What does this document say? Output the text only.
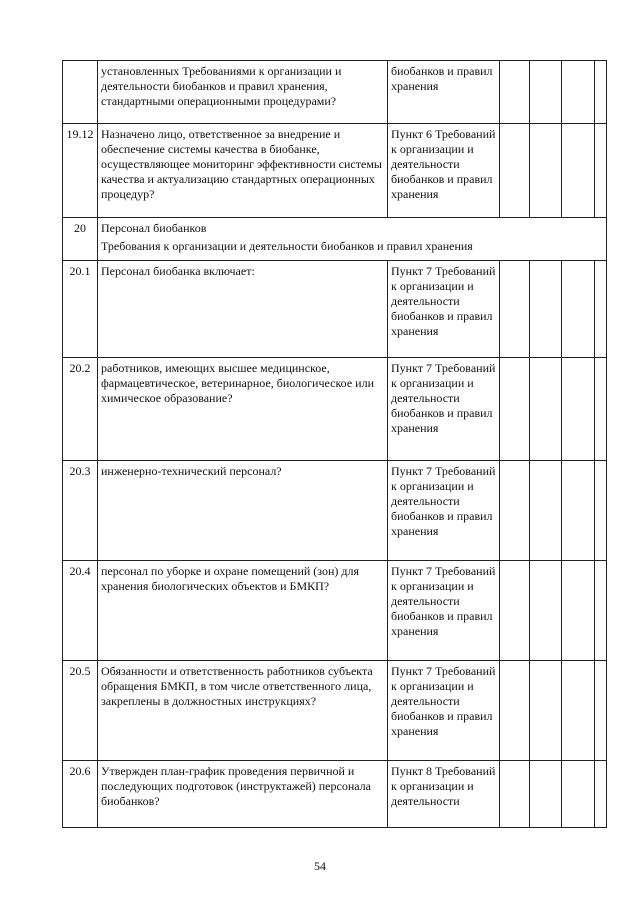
	установленных Требованиями к организации и деятельности биобанков и правил хранения, стандартными операционными процедурами?	биобанков и правил хранения				
19.12	Назначено лицо, ответственное за внедрение и обеспечение системы качества в биобанке, осуществляющее мониторинг эффективности системы качества и актуализацию стандартных операционных процедур?	Пункт 6 Требований к организации и деятельности биобанков и правил хранения				
20	Персонал биобанков
Требования к организации и деятельности биобанков и правил хранения					

20.1	Персонал биобанка включает:	Пункт 7 Требований к организации и деятельности биобанков и правил хранения				
20.2	работников, имеющих высшее медицинское, фармацевтическое, ветеринарное, биологическое или химическое образование?	Пункт 7 Требований к организации и деятельности биобанков и правил хранения				
20.3	инженерно-технический персонал?	Пункт 7 Требований к организации и деятельности биобанков и правил хранения				
20.4	персонал по уборке и охране помещений (зон) для хранения биологических объектов и БМКП?	Пункт 7 Требований к организации и деятельности биобанков и правил хранения				
20.5	Обязанности и ответственность работников субъекта обращения БМКП, в том числе ответственного лица, закреплены в должностных инструкциях?	Пункт 7 Требований к организации и деятельности биобанков и правил хранения				
20.6	Утвержден план-график проведения первичной и последующих подготовок (инструктажей) персонала биобанков?	Пункт 8 Требований к организации и деятельности				
54
